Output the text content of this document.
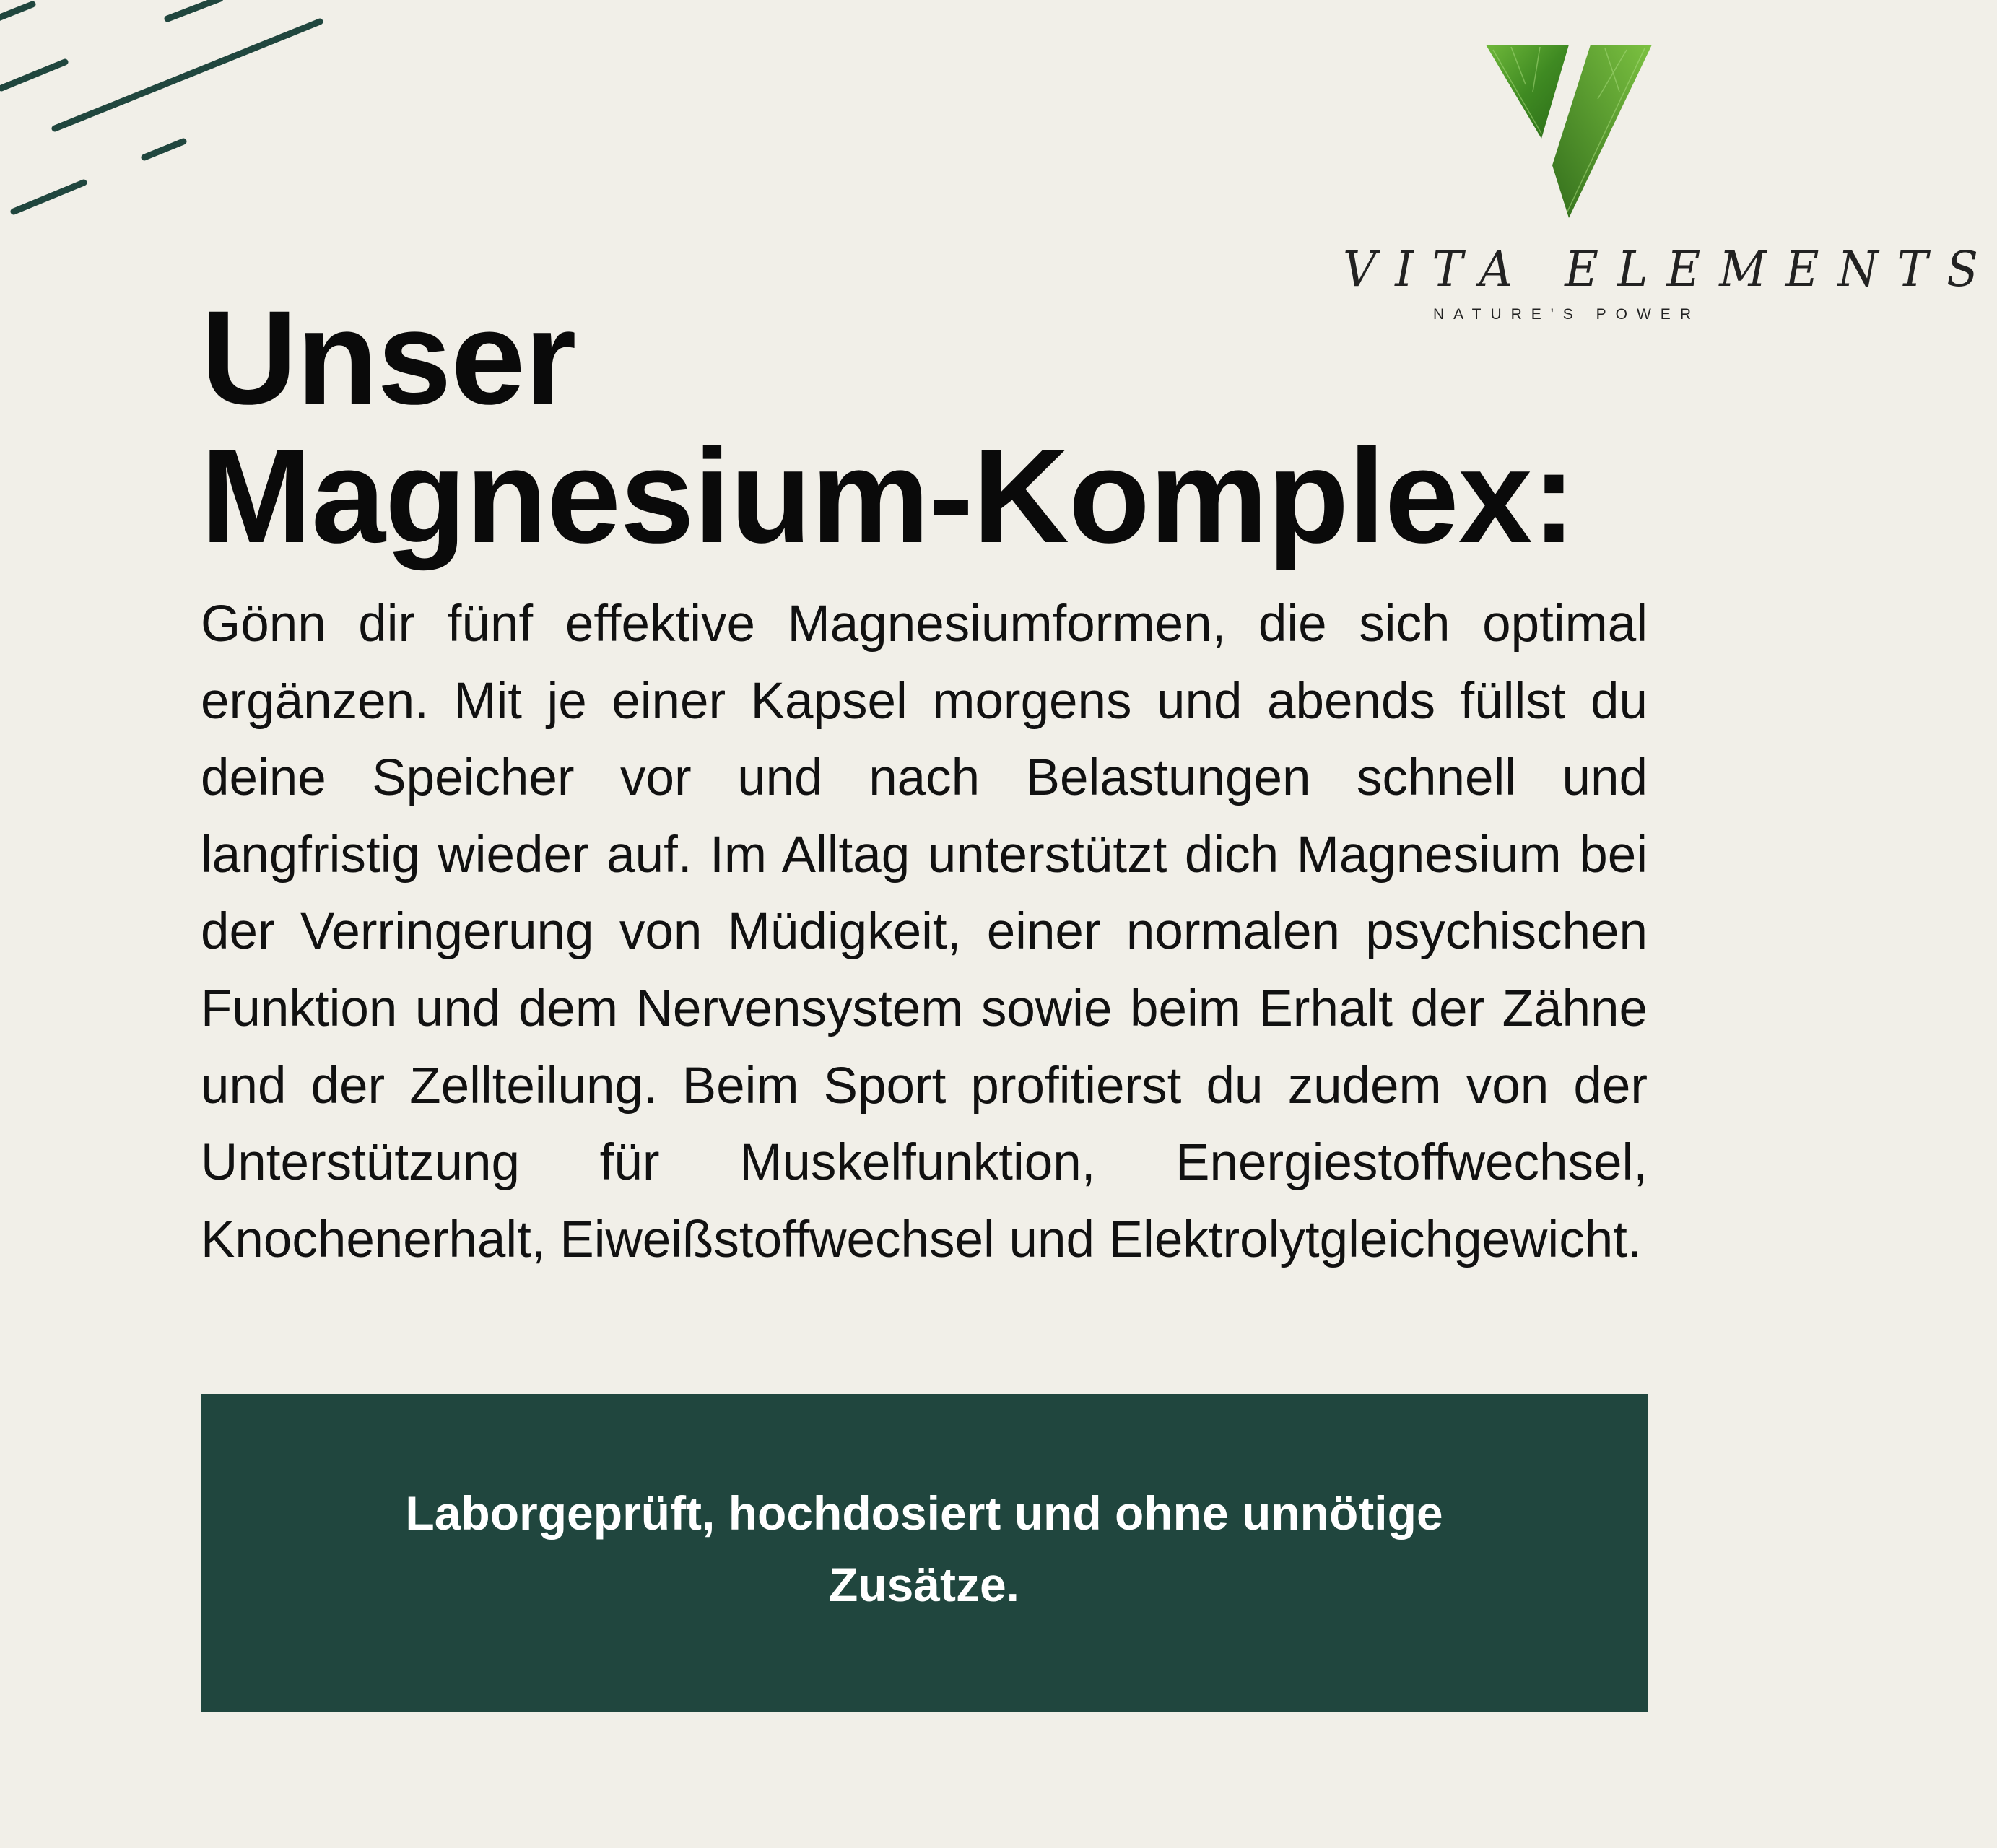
VITA ELEMENTS
NATURE'S POWER
Unser
Magnesium-Komplex:

Gönn dir fünf effektive Magnesiumformen, die sich optimal ergänzen. Mit je einer Kapsel morgens und abends füllst du deine Speicher vor und nach Belastungen schnell und langfristig wieder auf. Im Alltag unterstützt dich Magnesium bei der Verringerung von Müdigkeit, einer normalen psychischen Funktion und dem Nervensystem sowie beim Erhalt der Zähne und der Zellteilung. Beim Sport profitierst du zudem von der Unterstützung für Muskelfunktion, Energiestoffwechsel, Knochenerhalt, Eiweißstoffwechsel und Elektrolytgleichgewicht.

Laborgeprüft, hochdosiert und ohne unnötige Zusätze.
